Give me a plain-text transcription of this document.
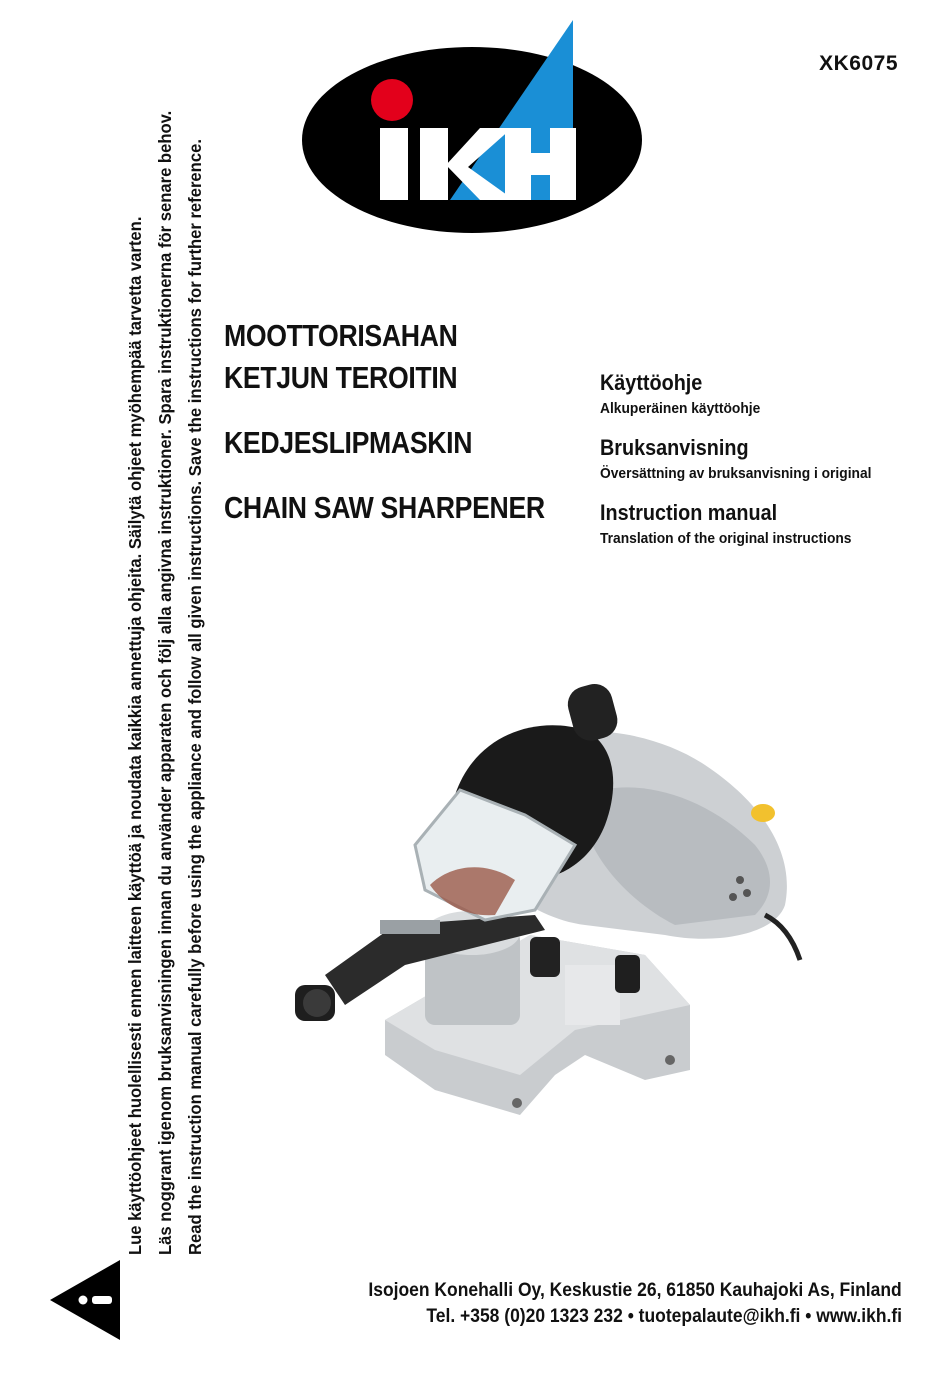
XK6075
MOOTTORISAHAN
KETJUN TEROITIN
KEDJESLIPMASKIN
CHAIN SAW SHARPENER
Käyttöohje
Alkuperäinen käyttöohje
Bruksanvisning
Översättning av bruksanvisning i original
Instruction manual
Translation of the original instructions
Lue käyttöohjeet huolellisesti ennen laitteen käyttöä ja noudata kaikkia annettuja ohjeita. Säilytä ohjeet myöhempää tarvetta varten. Läs noggrant igenom bruksanvisningen innan du använder apparaten och följ alla angivna instruktioner. Spara instruktionerna för senare behov. Read the instruction manual carefully before using the appliance and follow all given instructions. Save the instructions for further reference.
Isojoen Konehalli Oy, Keskustie 26, 61850 Kauhajoki As, Finland
Tel. +358 (0)20 1323 232 • tuotepalaute@ikh.fi • www.ikh.fi
